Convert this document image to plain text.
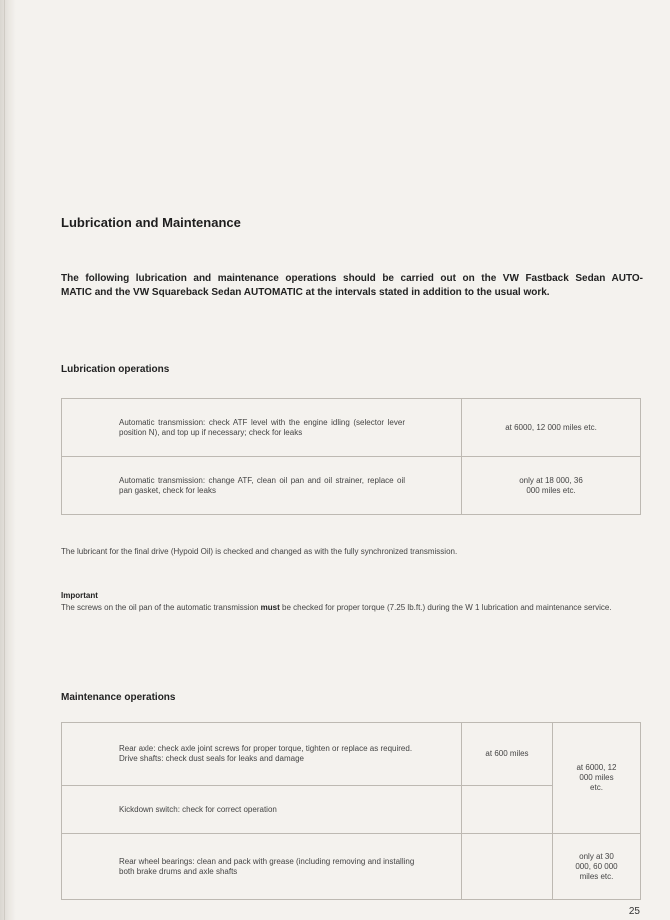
Lubrication and Maintenance
The following lubrication and maintenance operations should be carried out on the VW Fastback Sedan AUTO-
MATIC and the VW Squareback Sedan AUTOMATIC at the intervals stated in addition to the usual work.
Lubrication operations
Automatic transmission: check ATF level with the engine idling (selector lever position N), and top up if necessary; check for leaks	at 6000, 12 000 miles etc.

Automatic transmission: change ATF, clean oil pan and oil strainer, replace oil pan gasket, check for leaks	only at 18 000, 36 000 miles etc.
The lubricant for the final drive (Hypoid Oil) is checked and changed as with the fully synchronized transmission.
Important
The screws on the oil pan of the automatic transmission must be checked for proper torque (7.25 lb.ft.) during the W 1 lubrication and maintenance service.
Maintenance operations
Rear axle: check axle joint screws for proper torque, tighten or replace as required.
Drive shafts: check dust seals for leaks and damage	at 600 miles	at 6000, 12 000 miles etc.

Kickdown switch: check for correct operation		
Rear wheel bearings: clean and pack with grease (including removing and installing both brake drums and axle shafts		only at 30 000, 60 000 miles etc.
25
